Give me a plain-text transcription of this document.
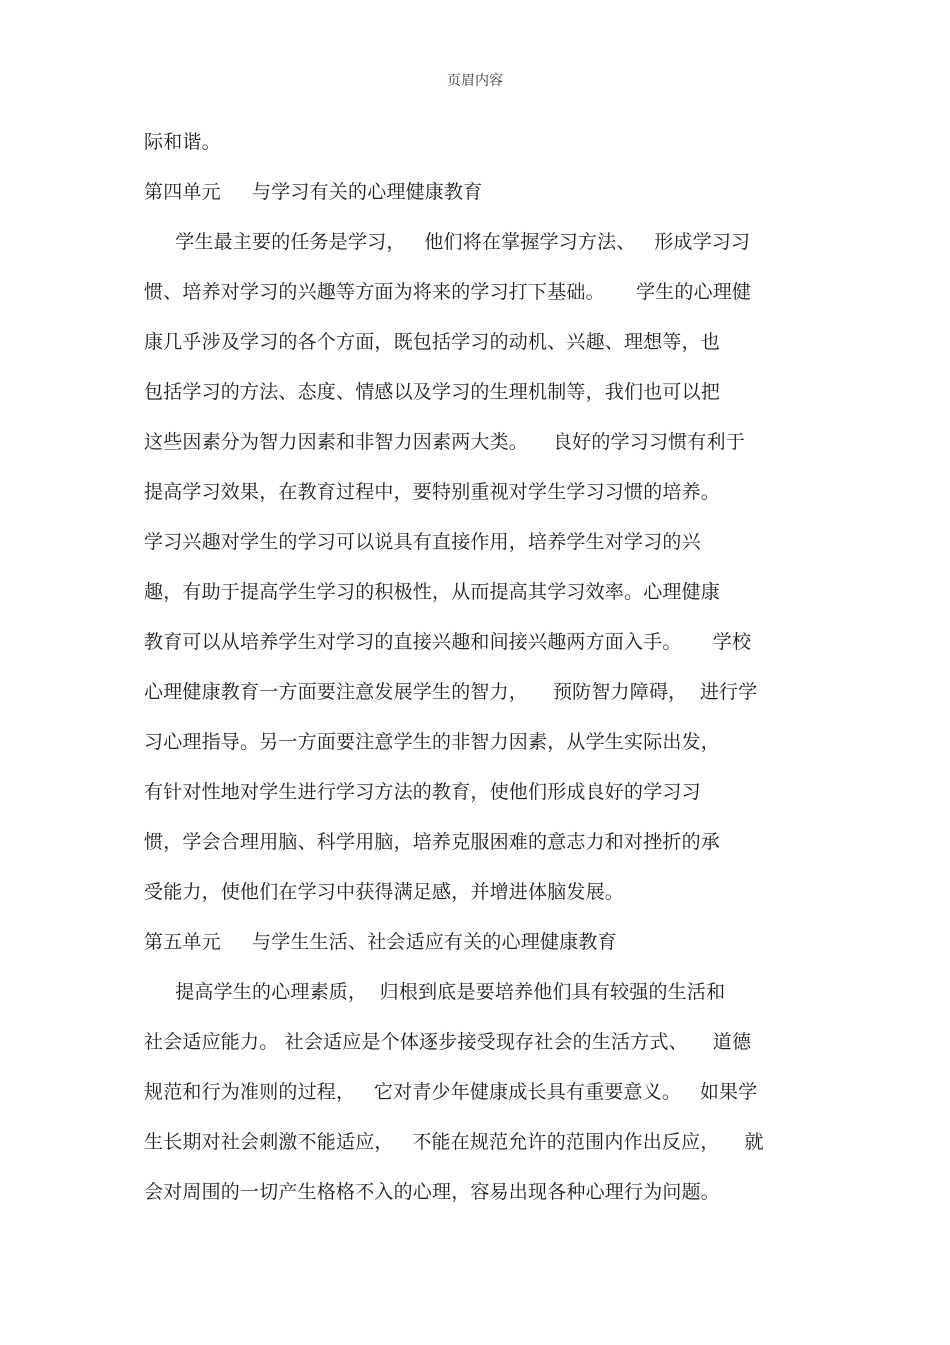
页眉内容
际和谐。
第四单元     与学习有关的心理健康教育
学生最主要的任务是学习，   他们将在掌握学习方法、   形成学习习
惯、培养对学习的兴趣等方面为将来的学习打下基础。     学生的心理健
康几乎涉及学习的各个方面，既包括学习的动机、兴趣、理想等，也
包括学习的方法、态度、情感以及学习的生理机制等，我们也可以把
这些因素分为智力因素和非智力因素两大类。    良好的学习习惯有利于
提高学习效果，在教育过程中，要特别重视对学生学习习惯的培养。
学习兴趣对学生的学习可以说具有直接作用，培养学生对学习的兴
趣，有助于提高学生学习的积极性，从而提高其学习效率。心理健康
教育可以从培养学生对学习的直接兴趣和间接兴趣两方面入手。     学校
心理健康教育一方面要注意发展学生的智力，    预防智力障碍，  进行学
习心理指导。另一方面要注意学生的非智力因素，从学生实际出发，
有针对性地对学生进行学习方法的教育，使他们形成良好的学习习
惯，学会合理用脑、科学用脑，培养克服困难的意志力和对挫折的承
受能力，使他们在学习中获得满足感，并增进体脑发展。
第五单元     与学生生活、社会适应有关的心理健康教育
提高学生的心理素质，  归根到底是要培养他们具有较强的生活和
社会适应能力。 社会适应是个体逐步接受现存社会的生活方式、    道德
规范和行为准则的过程，   它对青少年健康成长具有重要意义。   如果学
生长期对社会刺激不能适应，   不能在规范允许的范围内作出反应，    就
会对周围的一切产生格格不入的心理，容易出现各种心理行为问题。
